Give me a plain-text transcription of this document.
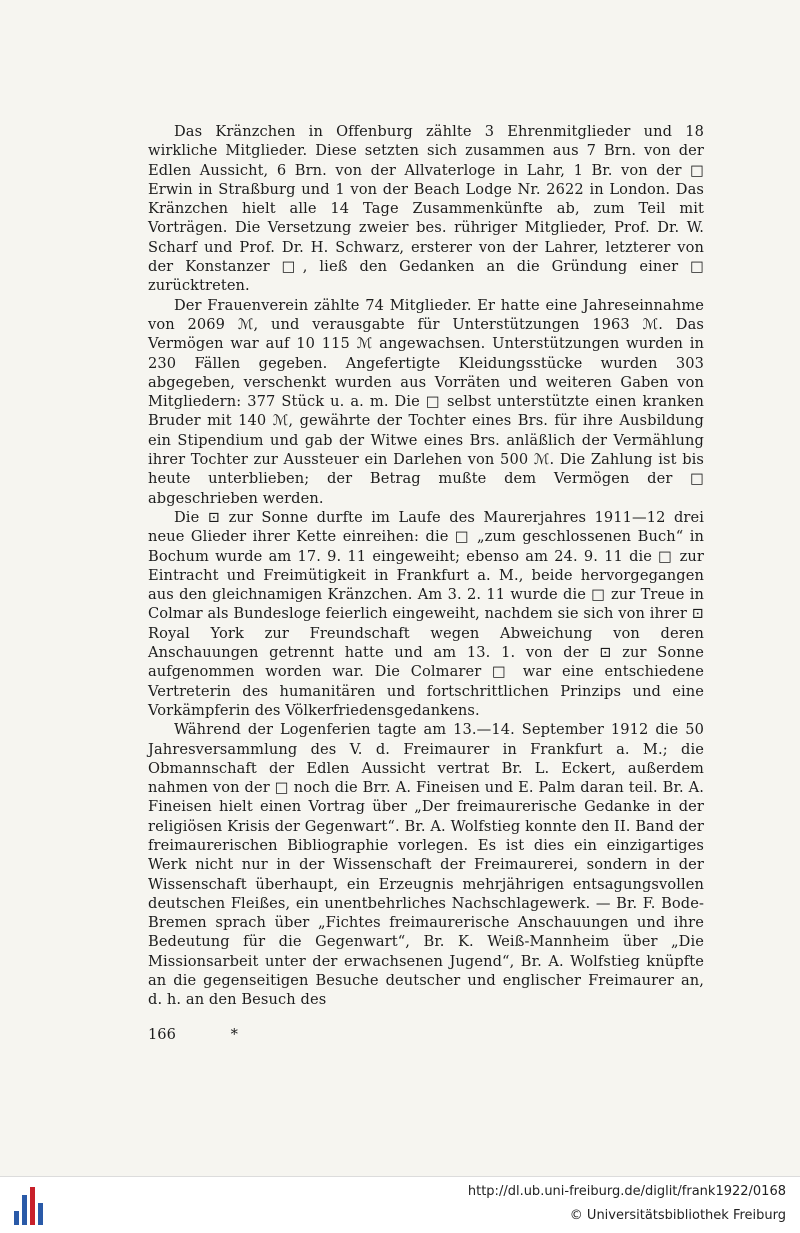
Das Kränzchen in Offenburg zählte 3 Ehrenmitglieder und 18 wirkliche Mitglieder. Diese setzten sich zusammen aus 7 Brn. von der Edlen Aussicht, 6 Brn. von der Allvaterloge in Lahr, 1 Br. von der □ Erwin in Straßburg und 1 von der Beach Lodge Nr. 2622 in London. Das Kränzchen hielt alle 14 Tage Zusammenkünfte ab, zum Teil mit Vorträgen. Die Versetzung zweier bes. rühriger Mitglieder, Prof. Dr. W. Scharf und Prof. Dr. H. Schwarz, ersterer von der Lahrer, letzterer von der Konstanzer □, ließ den Gedanken an die Gründung einer □ zurücktreten.

Der Frauenverein zählte 74 Mitglieder. Er hatte eine Jahreseinnahme von 2069 ℳ, und verausgabte für Unterstützungen 1963 ℳ. Das Vermögen war auf 10 115 ℳ angewachsen. Unterstützungen wurden in 230 Fällen gegeben. Angefertigte Kleidungsstücke wurden 303 abgegeben, verschenkt wurden aus Vorräten und weiteren Gaben von Mitgliedern: 377 Stück u. a. m. Die □ selbst unterstützte einen kranken Bruder mit 140 ℳ, gewährte der Tochter eines Brs. für ihre Ausbildung ein Stipendium und gab der Witwe eines Brs. anläßlich der Vermählung ihrer Tochter zur Aussteuer ein Darlehen von 500 ℳ. Die Zahlung ist bis heute unterblieben; der Betrag mußte dem Vermögen der □ abgeschrieben werden.

Die ⊡ zur Sonne durfte im Laufe des Maurerjahres 1911—12 drei neue Glieder ihrer Kette einreihen: die □ „zum geschlossenen Buch“ in Bochum wurde am 17. 9. 11 eingeweiht; ebenso am 24. 9. 11 die □ zur Eintracht und Freimütigkeit in Frankfurt a. M., beide hervorgegangen aus den gleichnamigen Kränzchen. Am 3. 2. 11 wurde die □ zur Treue in Colmar als Bundesloge feierlich eingeweiht, nachdem sie sich von ihrer ⊡ Royal York zur Freundschaft wegen Abweichung von deren Anschauungen getrennt hatte und am 13. 1. von der ⊡ zur Sonne aufgenommen worden war. Die Colmarer □ war eine entschiedene Vertreterin des humanitären und fortschrittlichen Prinzips und eine Vorkämpferin des Völkerfriedensgedankens.

Während der Logenferien tagte am 13.—14. September 1912 die 50 Jahresversammlung des V. d. Freimaurer in Frankfurt a. M.; die Obmannschaft der Edlen Aussicht vertrat Br. L. Eckert, außerdem nahmen von der □ noch die Brr. A. Fineisen und E. Palm daran teil. Br. A. Fineisen hielt einen Vortrag über „Der freimaurerische Gedanke in der religiösen Krisis der Gegenwart“. Br. A. Wolfstieg konnte den II. Band der freimaurerischen Bibliographie vorlegen. Es ist dies ein einzigartiges Werk nicht nur in der Wissenschaft der Freimaurerei, sondern in der Wissenschaft überhaupt, ein Erzeugnis mehrjährigen entsagungsvollen deutschen Fleißes, ein unentbehrliches Nachschlagewerk. — Br. F. Bode-Bremen sprach über „Fichtes freimaurerische Anschauungen und ihre Bedeutung für die Gegenwart“, Br. K. Weiß-Mannheim über „Die Missionsarbeit unter der erwachsenen Jugend“, Br. A. Wolfstieg knüpfte an die gegenseitigen Besuche deutscher und englischer Freimaurer an, d. h. an den Besuch des

166	*
http://dl.ub.uni-freiburg.de/diglit/frank1922/0168
© Universitätsbibliothek Freiburg
